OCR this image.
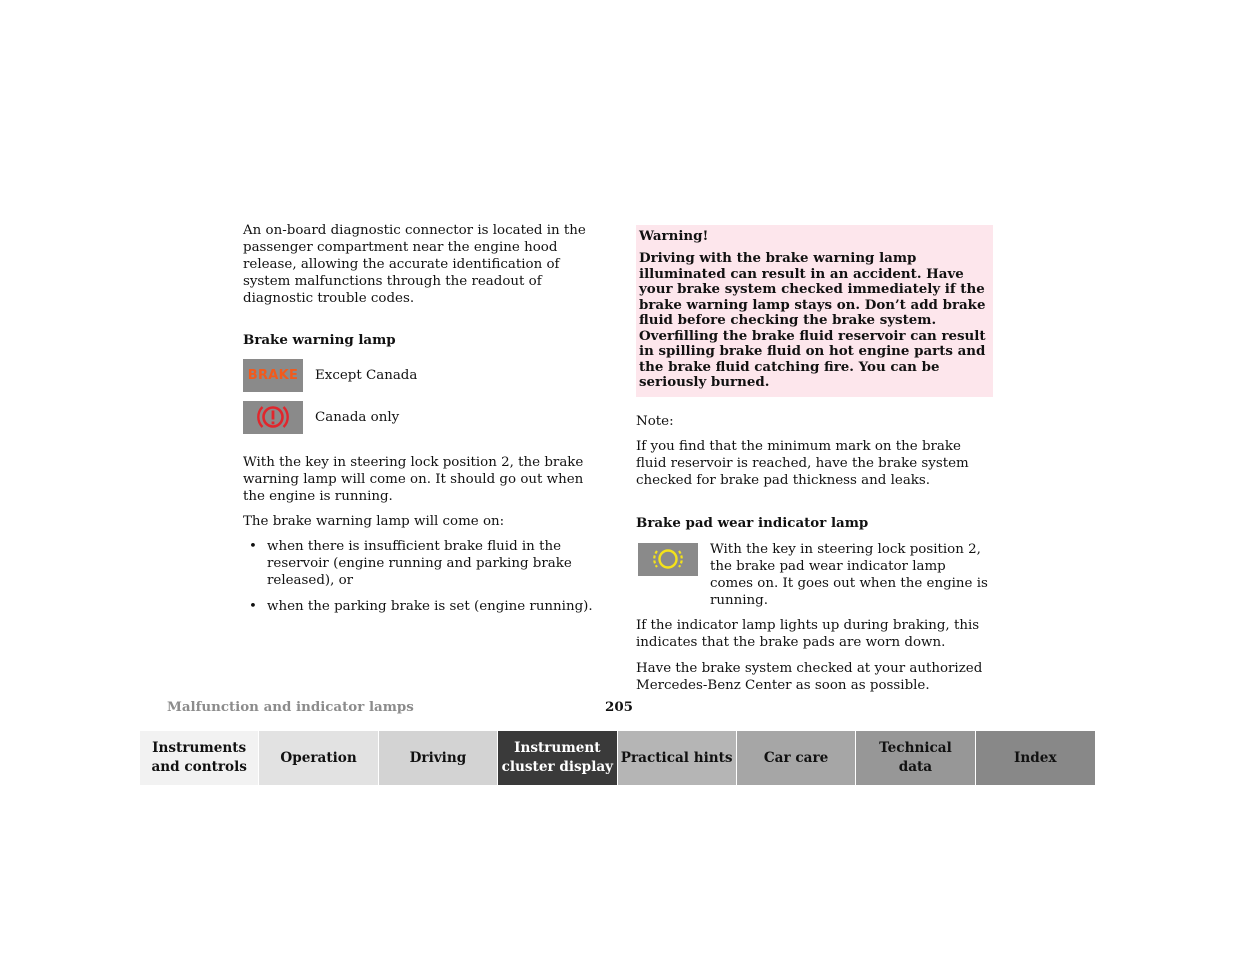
An on-board diagnostic connector is located in the passenger compartment near the engine hood release, allowing the accurate identification of system malfunctions through the readout of diagnostic trouble codes.

Brake warning lamp

BRAKE Except Canada
Canada only

With the key in steering lock position 2, the brake warning lamp will come on. It should go out when the engine is running.

The brake warning lamp will come on:

• when there is insufficient brake fluid in the reservoir (engine running and parking brake released), or
• when the parking brake is set (engine running).

Warning!

Driving with the brake warning lamp illuminated can result in an accident. Have your brake system checked immediately if the brake warning lamp stays on. Don’t add brake fluid before checking the brake system. Overfilling the brake fluid reservoir can result in spilling brake fluid on hot engine parts and the brake fluid catching fire. You can be seriously burned.

Note:

If you find that the minimum mark on the brake fluid reservoir is reached, have the brake system checked for brake pad thickness and leaks.

Brake pad wear indicator lamp

With the key in steering lock position 2, the brake pad wear indicator lamp comes on. It goes out when the engine is running.

If the indicator lamp lights up during braking, this indicates that the brake pads are worn down.

Have the brake system checked at your authorized Mercedes-Benz Center as soon as possible.

Malfunction and indicator lamps	205
Instruments
and controls
Operation	Driving
Instrument
cluster display
Practical hints Car care
Technical
data
Index
